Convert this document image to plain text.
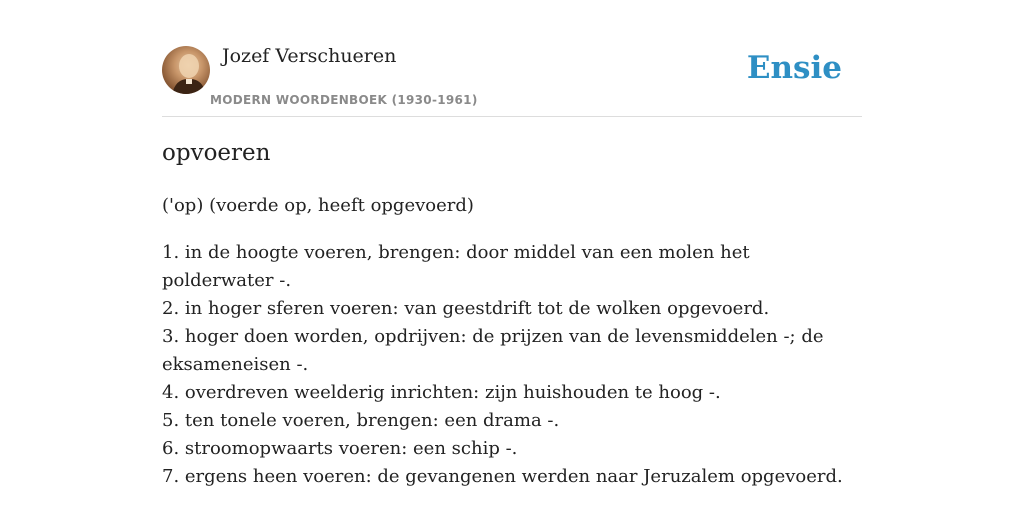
Jozef Verschueren
MODERN WOORDENBOEK (1930-1961)
Ensie
opvoeren
('op) (voerde op, heeft opgevoerd)
1. in de hoogte voeren, brengen: door middel van een molen het polderwater -.
2. in hoger sferen voeren: van geestdrift tot de wolken opgevoerd.
3. hoger doen worden, opdrijven: de prijzen van de levensmiddelen -; de eksameneisen -.
4. overdreven weelderig inrichten: zijn huishouden te hoog -.
5. ten tonele voeren, brengen: een drama -.
6. stroomopwaarts voeren: een schip -.
7. ergens heen voeren: de gevangenen werden naar Jeruzalem opgevoerd.
